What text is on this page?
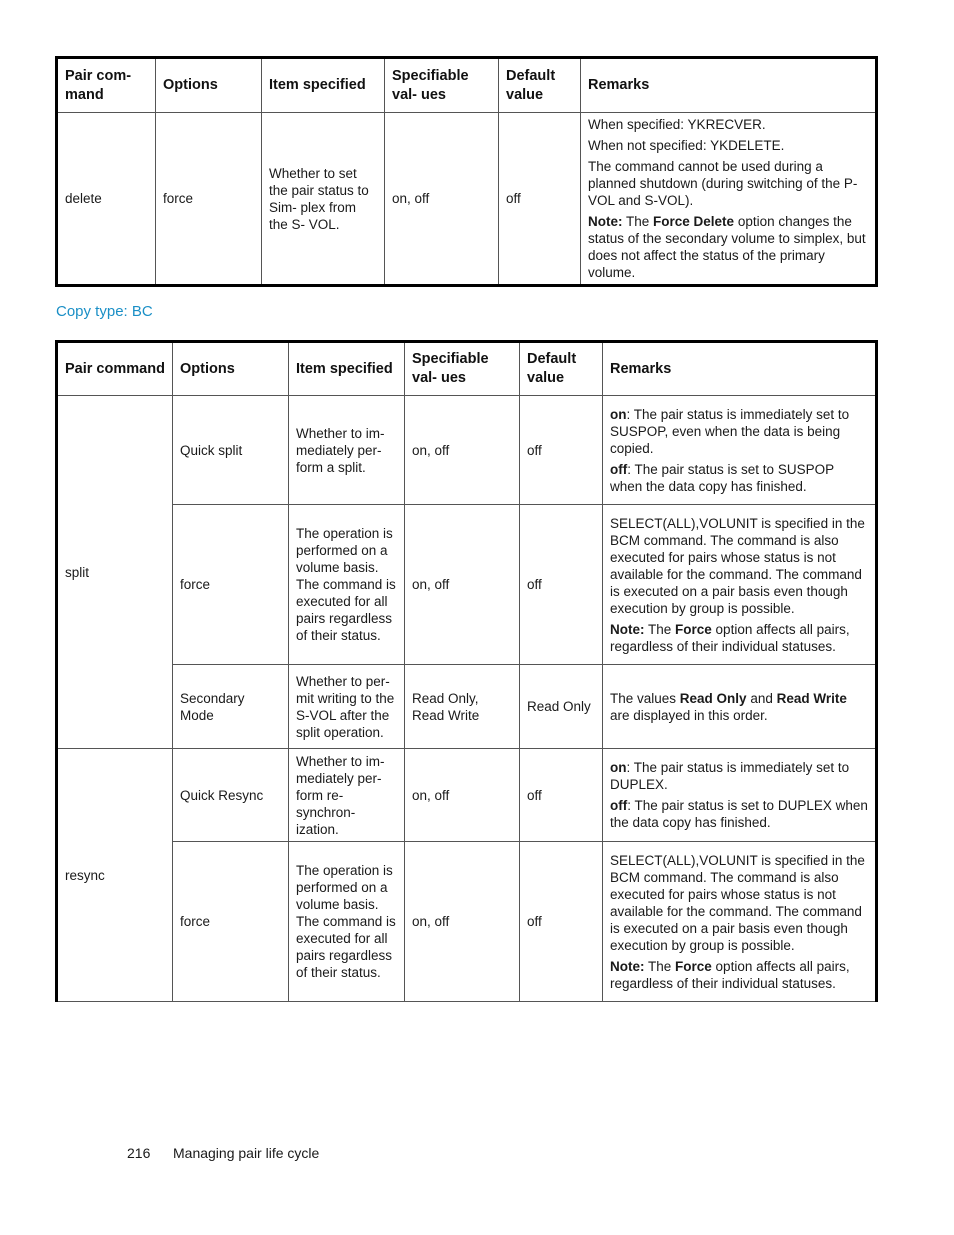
Pair com- mand	Options	Item specified	Specifiable val- ues	Default value	Remarks
delete	force	Whether to set the pair status to Sim- plex from the S- VOL.	on, off	off	When specified: YKRECVER.

When not specified: YKDELETE.

The command cannot be used during a planned shutdown (during switching of the P-VOL and S-VOL).

Note: The Force Delete option changes the status of the secondary volume to simplex, but does not affect the status of the primary volume.

Copy type: BC

Pair command	Options	Item specified	Specifiable val- ues	Default value	Remarks
split	Quick split	Whether to im- mediately per- form a split.	on, off	off	on: The pair status is immediately set to SUSPOP, even when the data is being copied.

off: The pair status is set to SUSPOP when the data copy has finished.

	force	The operation is performed on a volume basis. The command is executed for all pairs regardless of their status.	on, off	off	SELECT(ALL),VOLUNIT is specified in the BCM command. The command is also executed for pairs whose status is not available for the command. The command is executed on a pair basis even though execution by group is possible.

Note: The Force option affects all pairs, regardless of their individual statuses.

	Secondary Mode	Whether to per- mit writing to the S-VOL after the split operation.	Read Only, Read Write	Read Only	The values Read Only and Read Write are displayed in this order.

resync	Quick Resync	Whether to im- mediately per- form re-synchron- ization.	on, off	off	on: The pair status is immediately set to DUPLEX.

off: The pair status is set to DUPLEX when the data copy has finished.

	force	The operation is performed on a volume basis. The command is executed for all pairs regardless of their status.	on, off	off	SELECT(ALL),VOLUNIT is specified in the BCM command. The command is also executed for pairs whose status is not available for the command. The command is executed on a pair basis even though execution by group is possible.

Note: The Force option affects all pairs, regardless of their individual statuses.

216 Managing pair life cycle
